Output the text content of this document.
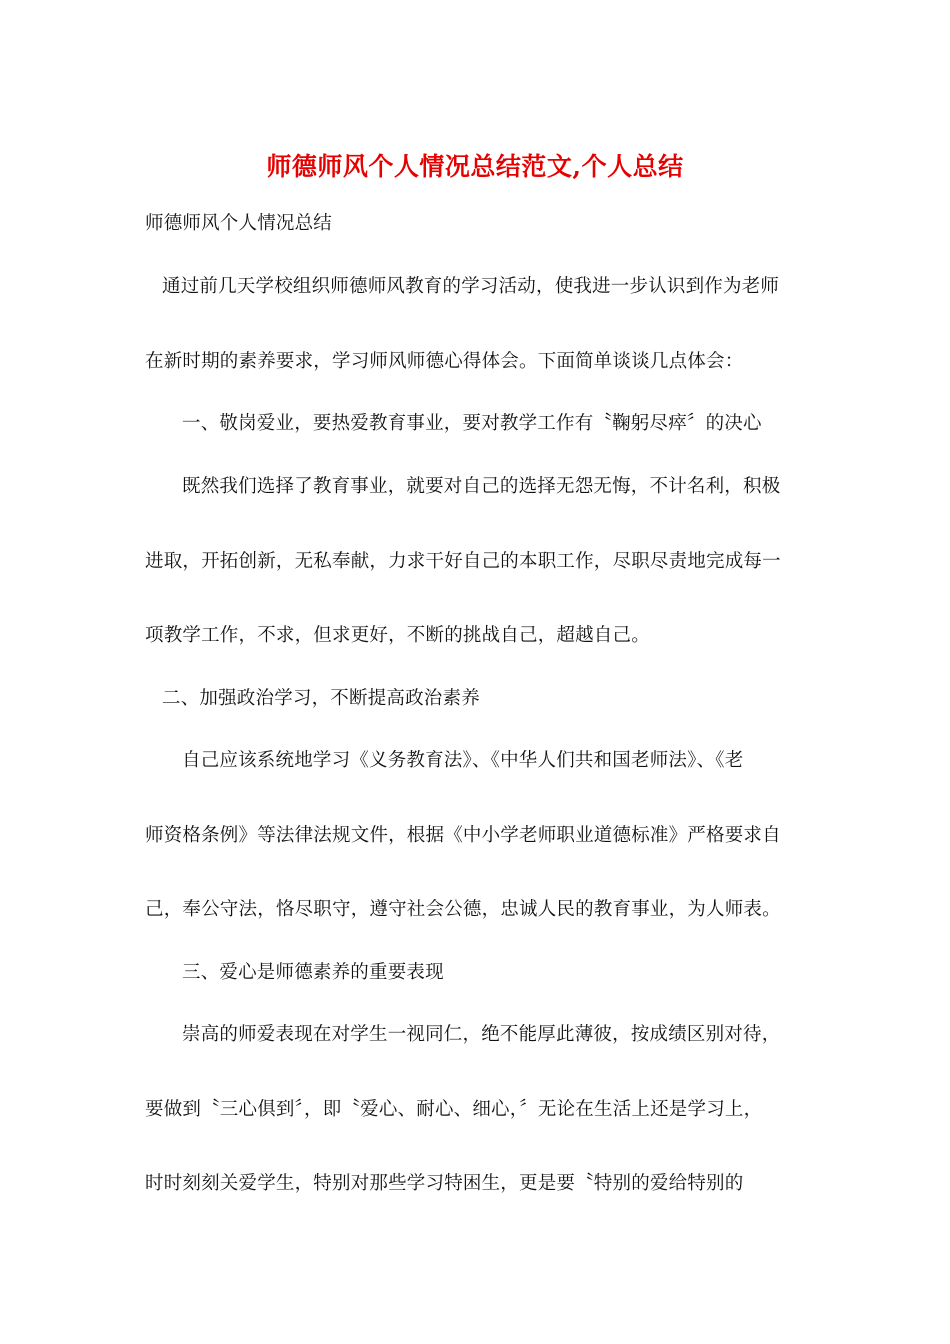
师德师风个人情况总结范文,个人总结
师德师风个人情况总结
通过前几天学校组织师德师风教育的学习活动，使我进一步认识到作为老师
在新时期的素养要求，学习师风师德心得体会。下面简单谈谈几点体会：
一、敬岗爱业，要热爱教育事业，要对教学工作有〝鞠躬尽瘁〞的决心
既然我们选择了教育事业，就要对自己的选择无怨无悔，不计名利，积极
进取，开拓创新，无私奉献，力求干好自己的本职工作，尽职尽责地完成每一
项教学工作，不求，但求更好，不断的挑战自己，超越自己。
二、加强政治学习，不断提高政治素养
自己应该系统地学习《义务教育法》、《中华人们共和国老师法》、《老
师资格条例》等法律法规文件，根据《中小学老师职业道德标准》严格要求自
己，奉公守法，恪尽职守，遵守社会公德，忠诚人民的教育事业，为人师表。
三、爱心是师德素养的重要表现
崇高的师爱表现在对学生一视同仁，绝不能厚此薄彼，按成绩区别对待，
要做到〝三心俱到〞，即〝爱心、耐心、细心，〞无论在生活上还是学习上，
时时刻刻关爱学生，特别对那些学习特困生，更是要〝特别的爱给特别的
